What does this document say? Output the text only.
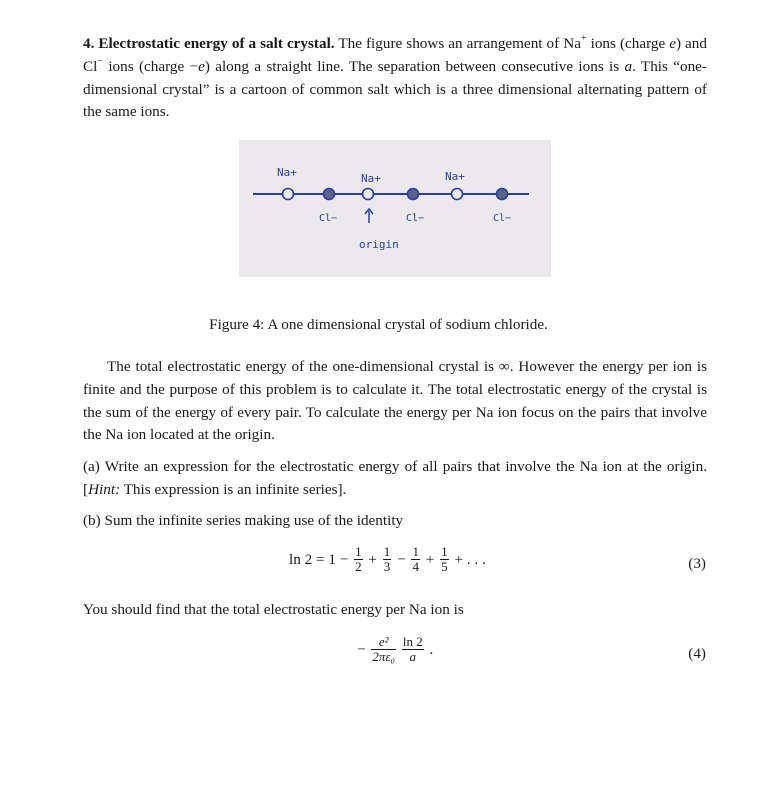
4. Electrostatic energy of a salt crystal. The figure shows an arrangement of Na+ ions (charge e) and Cl− ions (charge −e) along a straight line. The separation between consecutive ions is a. This “one-dimensional crystal” is a cartoon of common salt which is a three dimensional alternating pattern of the same ions.
Na+	Na+	Na+
Cl−	Cl−	Cl−
origin
Figure 4: A one dimensional crystal of sodium chloride.
The total electrostatic energy of the one-dimensional crystal is ∞. However the energy per ion is finite and the purpose of this problem is to calculate it. The total electrostatic energy of the crystal is the sum of the energy of every pair. To calculate the energy per Na ion focus on the pairs that involve the Na ion located at the origin.
(a) Write an expression for the electrostatic energy of all pairs that involve the Na ion at the origin. [Hint: This expression is an infinite series].
(b) Sum the infinite series making use of the identity
$\ln 2 = 1 - \frac{1}{2} + \frac{1}{3} - \frac{1}{4} + \frac{1}{5}$ + . . .	(3)
You should find that the total electrostatic energy per Na ion is
− $\frac{\text{e²}}{\text{2πε₀}}$
$\frac{\ln 2}{a}$ .	(4)
